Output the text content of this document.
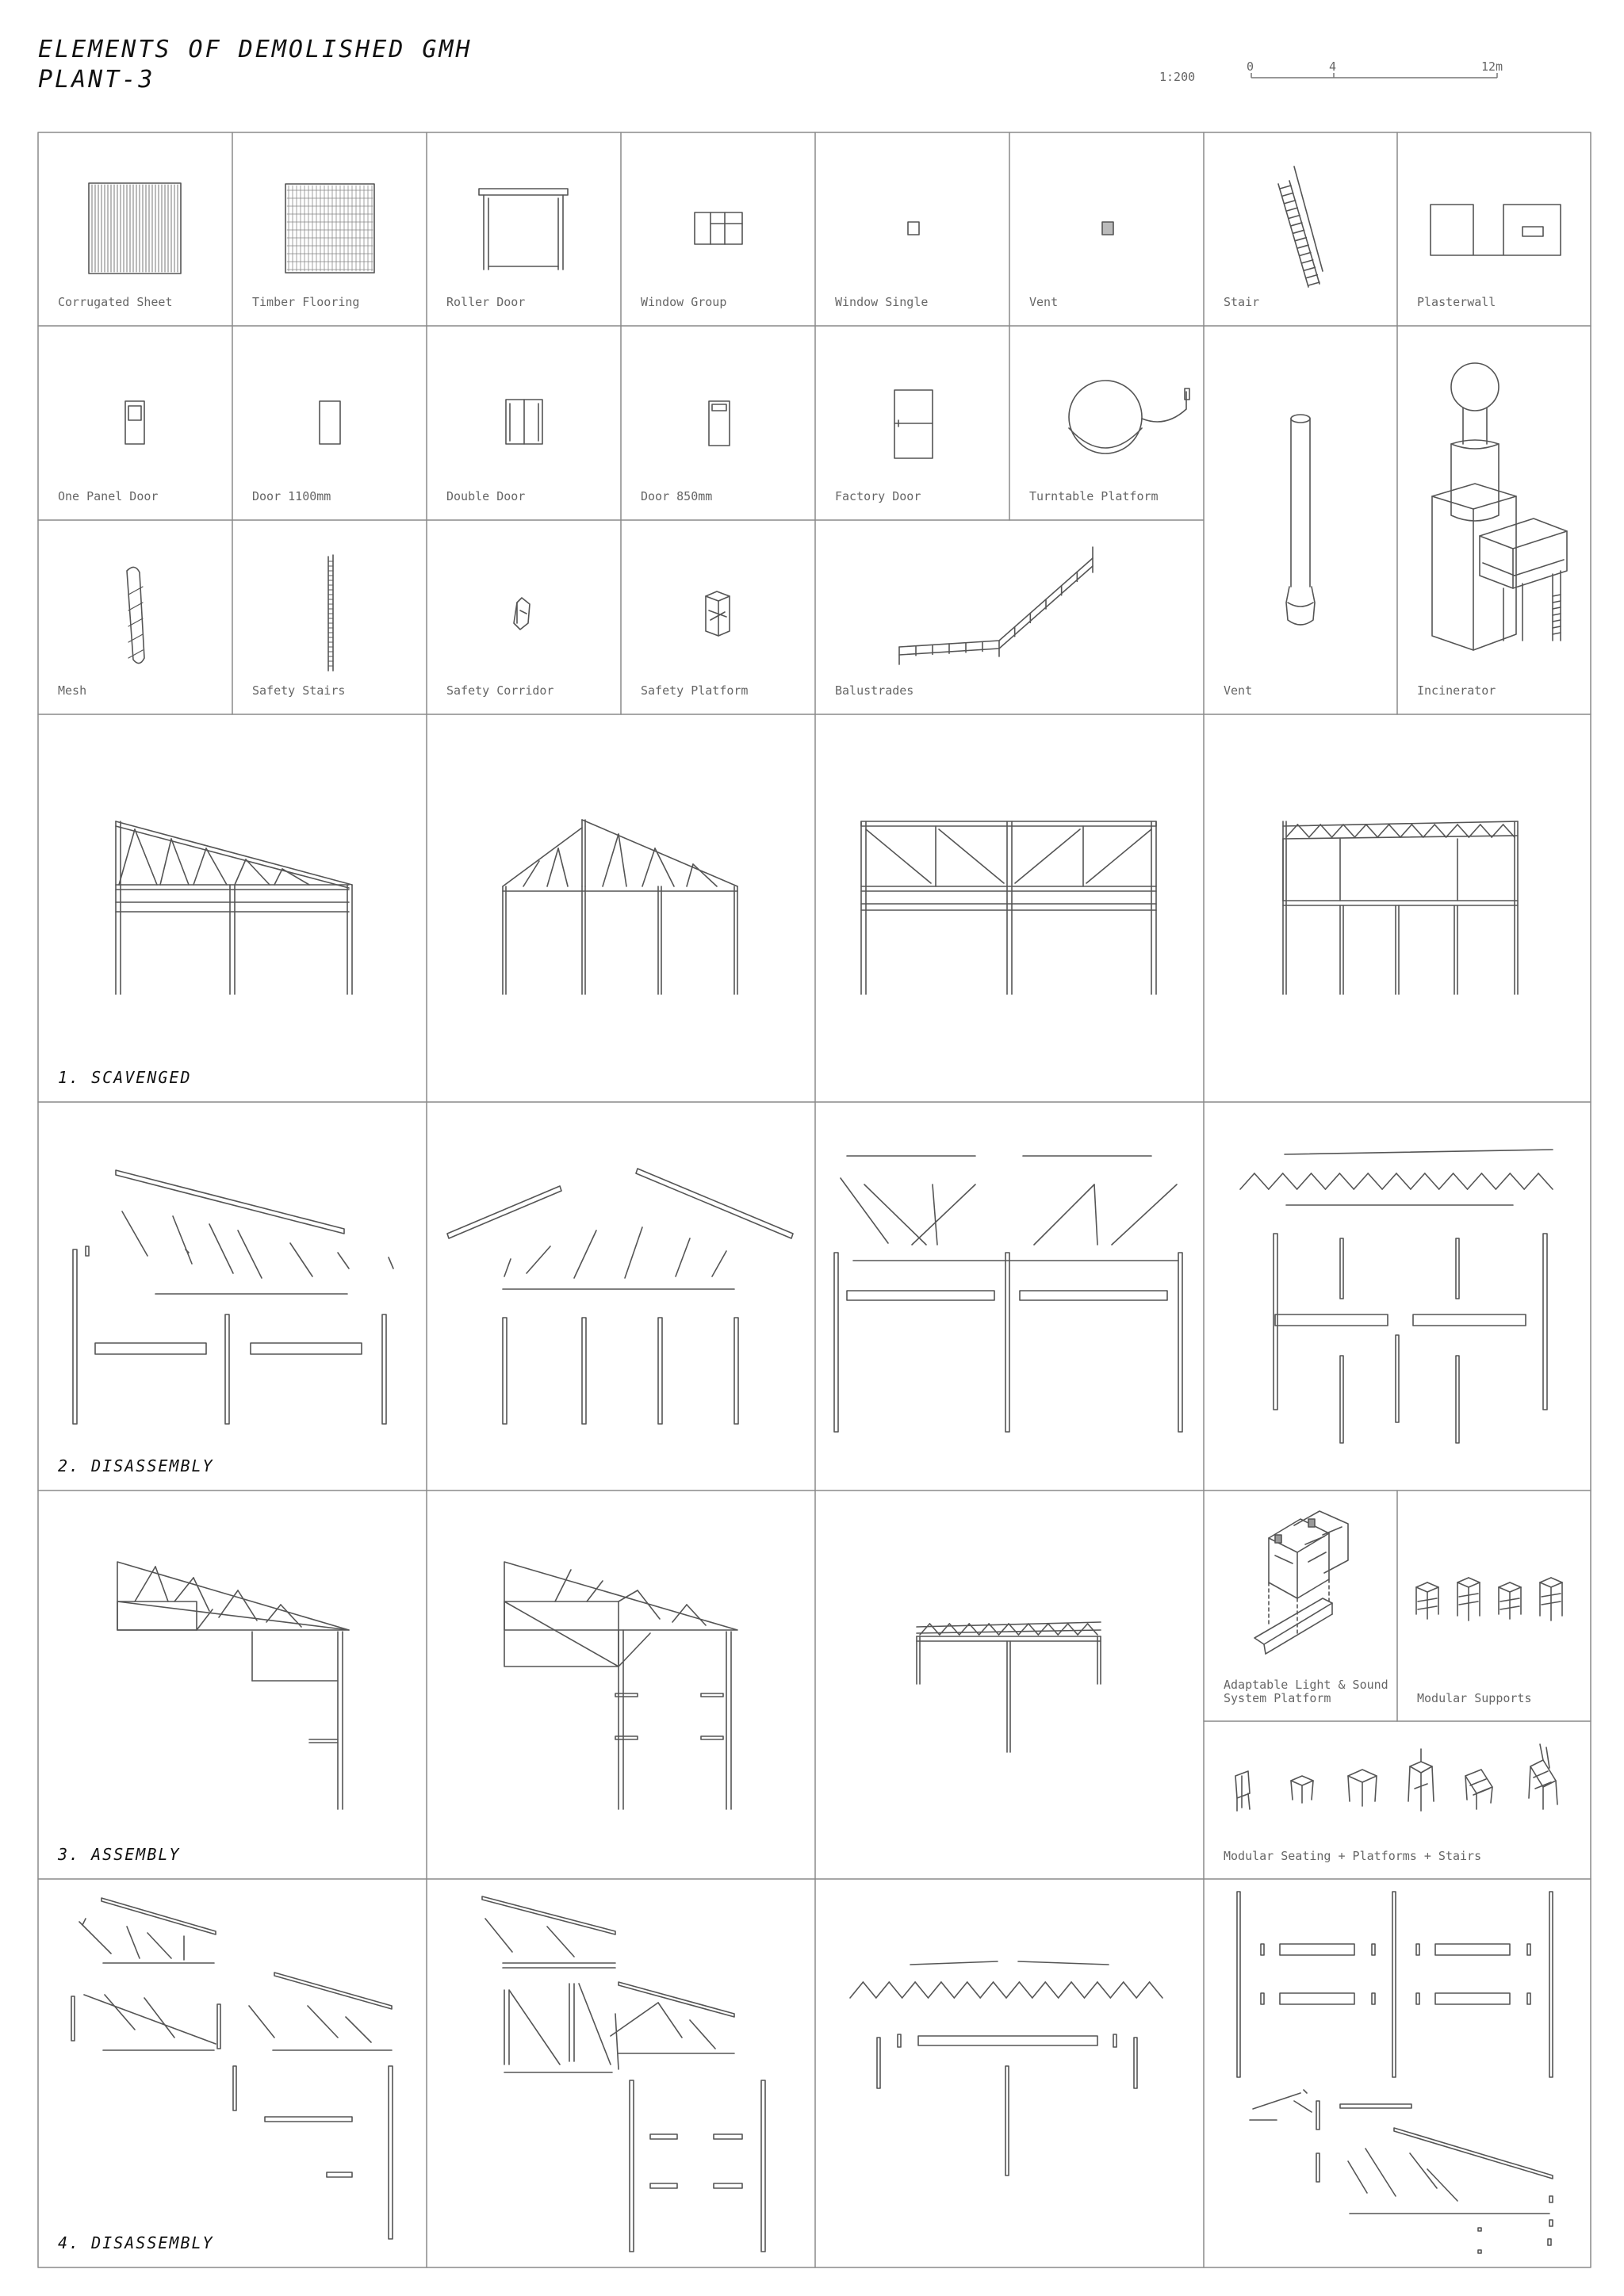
ELEMENTS OF DEMOLISHED GMH
PLANT-3	1:200
0	4	12m
Corrugated Sheet	Timber Flooring	Roller Door	Window Group	Window Single	Vent	Stair	Plasterwall
One Panel Door	Door 1100mm	Double Door	Door 850mm	Factory Door	Turntable Platform
Mesh	Safety Stairs	Safety Corridor	Safety Platform	Balustrades	Vent	Incinerator
1. SCAVENGED
2. DISASSEMBLY
3. ASSEMBLY
4. DISASSEMBLY
Adaptable Light & Sound
System Platform	Modular Supports
Modular Seating + Platforms + Stairs
